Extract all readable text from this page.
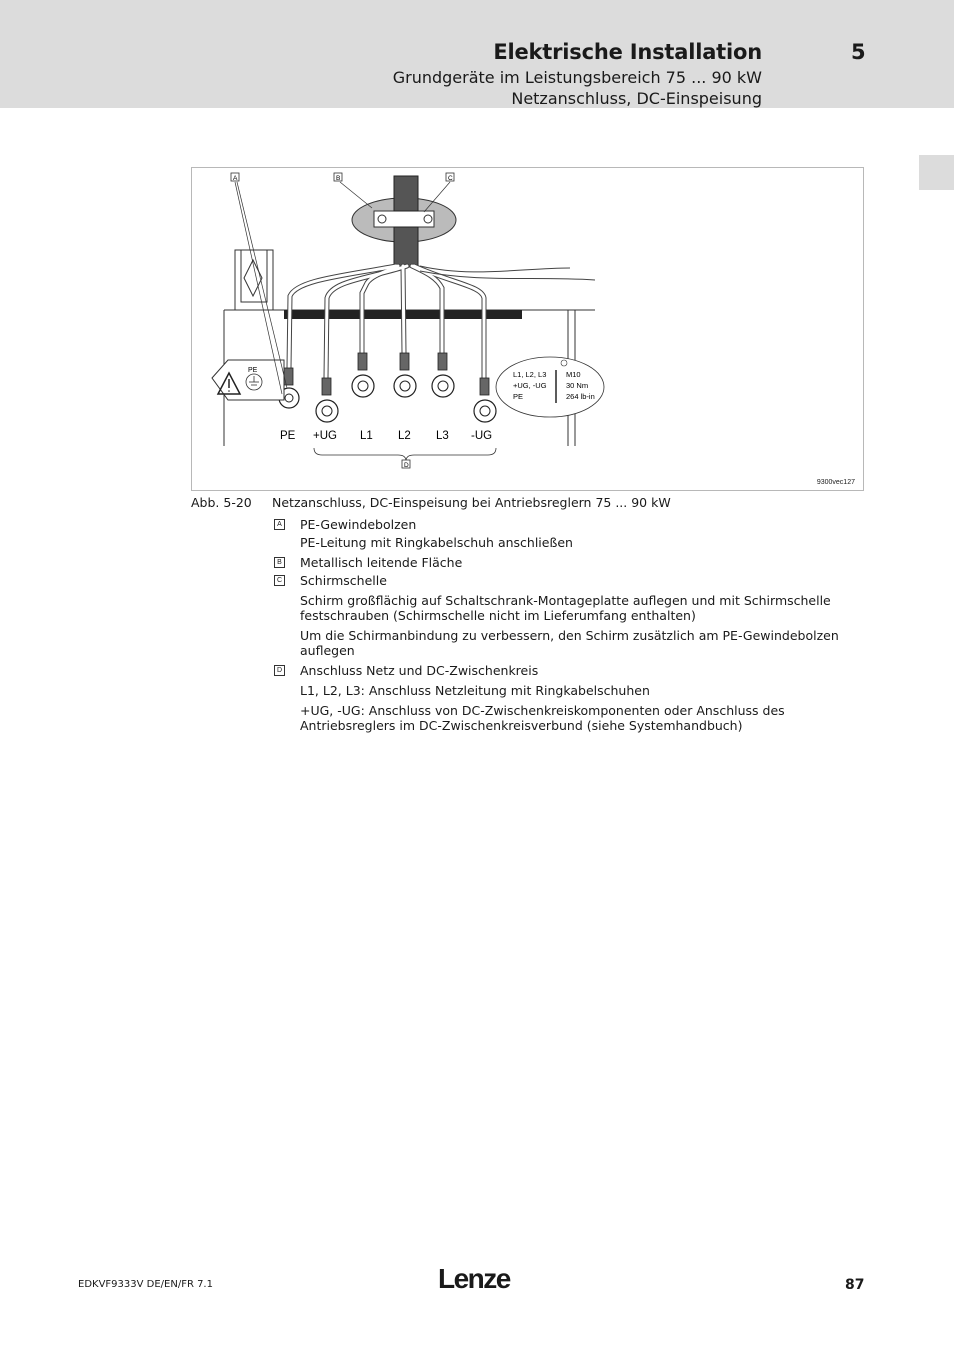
Elektrische Installation	5
Grundgeräte im Leistungsbereich 75 ... 90 kW
Netzanschluss, DC-Einspeisung
PE
A	B	C
PE +UG L1 L2 L3 -UG
D
L1, L2, L3
+UG, -UG
PE
M10
30 Nm
264 lb-in
9300vec127
Abb. 5-20 Netzanschluss, DC-Einspeisung bei Antriebsreglern 75 ... 90 kW
A PE-Gewindebolzen
PE-Leitung mit Ringkabelschuh anschließen
B Metallisch leitende Fläche
C Schirmschelle
Schirm großflächig auf Schaltschrank-Montageplatte auflegen und mit Schirmschelle festschrauben (Schirmschelle nicht im Lieferumfang enthalten)
Um die Schirmanbindung zu verbessern, den Schirm zusätzlich am PE-Gewindebolzen auflegen
D Anschluss Netz und DC-Zwischenkreis
L1, L2, L3: Anschluss Netzleitung mit Ringkabelschuhen
+UG, -UG: Anschluss von DC-Zwischenkreiskomponenten oder Anschluss des Antriebsreglers im DC-Zwischenkreisverbund (siehe Systemhandbuch)
EDKVF9333V DE/EN/FR 7.1	Lenze	87
